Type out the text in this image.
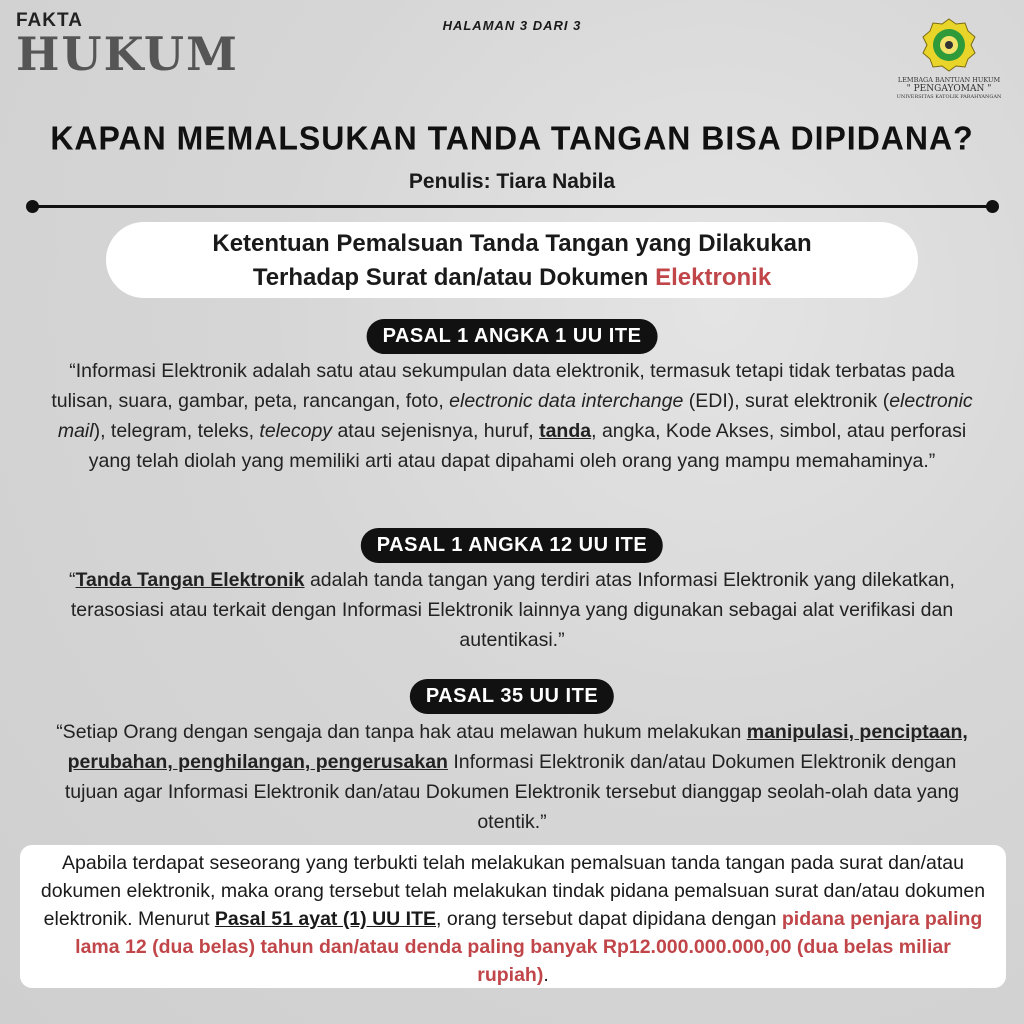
FAKTA
HUKUM
HALAMAN 3 DARI 3
LEMBAGA BANTUAN HUKUM
" PENGAYOMAN "
UNIVERSITAS KATOLIK PARAHYANGAN
KAPAN MEMALSUKAN TANDA TANGAN BISA DIPIDANA?
Penulis: Tiara Nabila
Ketentuan Pemalsuan Tanda Tangan yang Dilakukan
Terhadap Surat dan/atau Dokumen Elektronik
PASAL 1 ANGKA 1 UU ITE
“Informasi Elektronik adalah satu atau sekumpulan data elektronik, termasuk tetapi tidak terbatas pada tulisan, suara, gambar, peta, rancangan, foto, electronic data interchange (EDI), surat elektronik (electronic mail), telegram, teleks, telecopy atau sejenisnya, huruf, tanda, angka, Kode Akses, simbol, atau perforasi yang telah diolah yang memiliki arti atau dapat dipahami oleh orang yang mampu memahaminya.”
PASAL 1 ANGKA 12 UU ITE
“Tanda Tangan Elektronik adalah tanda tangan yang terdiri atas Informasi Elektronik yang dilekatkan, terasosiasi atau terkait dengan Informasi Elektronik lainnya yang digunakan sebagai alat verifikasi dan autentikasi.”
PASAL 35 UU ITE
“Setiap Orang dengan sengaja dan tanpa hak atau melawan hukum melakukan manipulasi, penciptaan, perubahan, penghilangan, pengerusakan Informasi Elektronik dan/atau Dokumen Elektronik dengan tujuan agar Informasi Elektronik dan/atau Dokumen Elektronik tersebut dianggap seolah-olah data yang otentik.”
Apabila terdapat seseorang yang terbukti telah melakukan pemalsuan tanda tangan pada surat dan/atau dokumen elektronik, maka orang tersebut telah melakukan tindak pidana pemalsuan surat dan/atau dokumen elektronik. Menurut Pasal 51 ayat (1) UU ITE, orang tersebut dapat dipidana dengan pidana penjara paling lama 12 (dua belas) tahun dan/atau denda paling banyak Rp12.000.000.000,00 (dua belas miliar rupiah).
